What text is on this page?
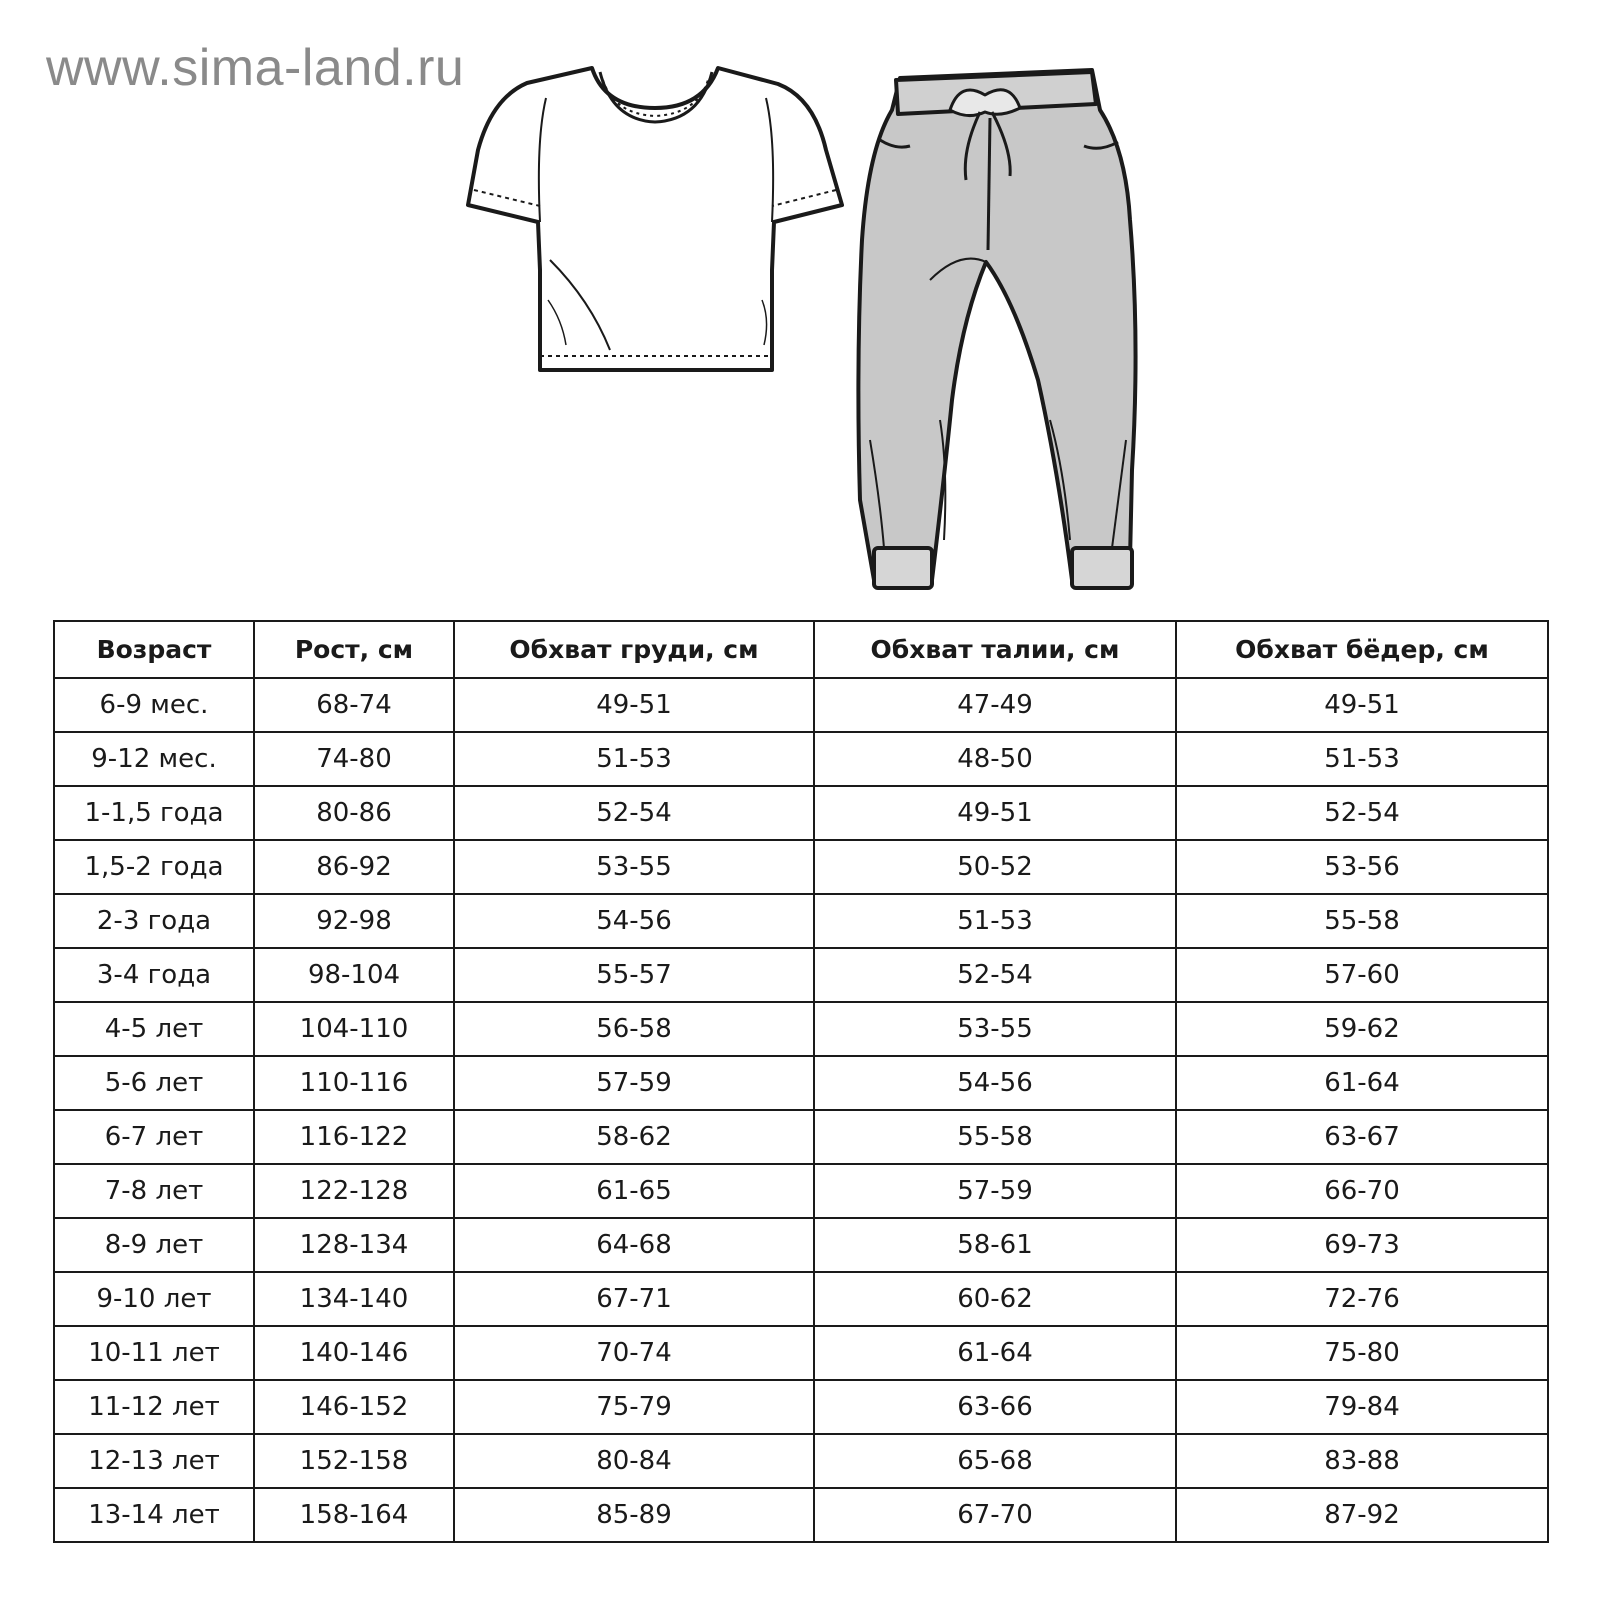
www.sima-land.ru
Возраст	Рост, см	Обхват груди, см	Обхват талии, см	Обхват бёдер, см
6-9 мес.	68-74	49-51	47-49	49-51
9-12 мес.	74-80	51-53	48-50	51-53
1-1,5 года	80-86	52-54	49-51	52-54
1,5-2 года	86-92	53-55	50-52	53-56
2-3 года	92-98	54-56	51-53	55-58
3-4 года	98-104	55-57	52-54	57-60
4-5 лет	104-110	56-58	53-55	59-62
5-6 лет	110-116	57-59	54-56	61-64
6-7 лет	116-122	58-62	55-58	63-67
7-8 лет	122-128	61-65	57-59	66-70
8-9 лет	128-134	64-68	58-61	69-73
9-10 лет	134-140	67-71	60-62	72-76
10-11 лет	140-146	70-74	61-64	75-80
11-12 лет	146-152	75-79	63-66	79-84
12-13 лет	152-158	80-84	65-68	83-88
13-14 лет	158-164	85-89	67-70	87-92
